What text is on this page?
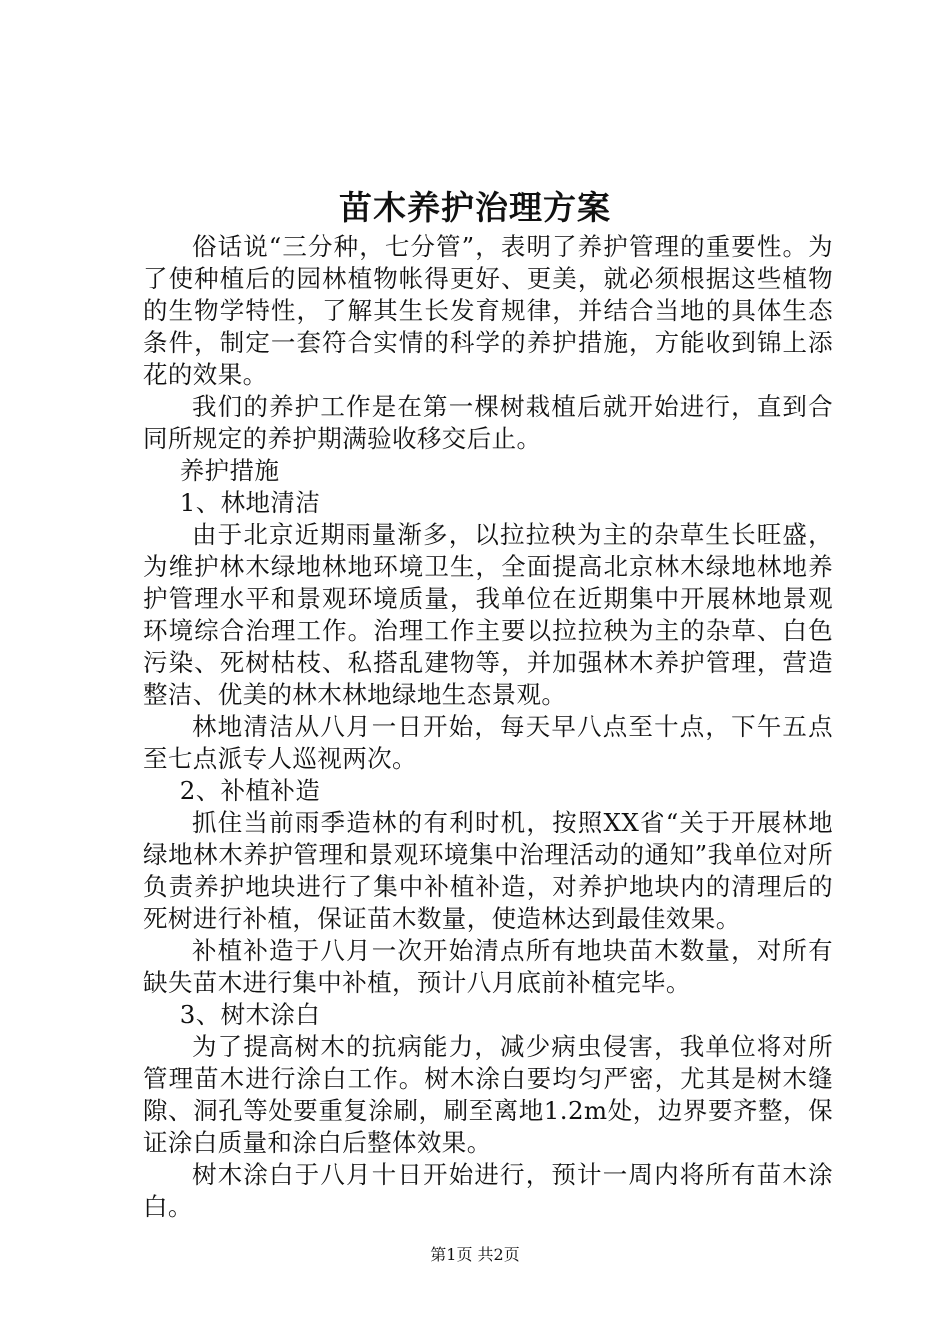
苗木养护治理方案

俗话说“三分种，七分管”，表明了养护管理的重要性。为了使种植后的园林植物帐得更好、更美，就必须根据这些植物的生物学特性，了解其生长发育规律，并结合当地的具体生态条件，制定一套符合实情的科学的养护措施，方能收到锦上添花的效果。

我们的养护工作是在第一棵树栽植后就开始进行，直到合同所规定的养护期满验收移交后止。

养护措施

1、林地清洁

由于北京近期雨量渐多，以拉拉秧为主的杂草生长旺盛，为维护林木绿地林地环境卫生，全面提高北京林木绿地林地养护管理水平和景观环境质量，我单位在近期集中开展林地景观环境综合治理工作。治理工作主要以拉拉秧为主的杂草、白色污染、死树枯枝、私搭乱建物等，并加强林木养护管理，营造整洁、优美的林木林地绿地生态景观。

林地清洁从八月一日开始，每天早八点至十点，下午五点至七点派专人巡视两次。

2、补植补造

抓住当前雨季造林的有利时机，按照XX省“关于开展林地绿地林木养护管理和景观环境集中治理活动的通知”我单位对所负责养护地块进行了集中补植补造，对养护地块内的清理后的死树进行补植，保证苗木数量，使造林达到最佳效果。

补植补造于八月一次开始清点所有地块苗木数量，对所有缺失苗木进行集中补植，预计八月底前补植完毕。

3、树木涂白

为了提高树木的抗病能力，减少病虫侵害，我单位将对所管理苗木进行涂白工作。树木涂白要均匀严密，尤其是树木缝隙、洞孔等处要重复涂刷，刷至离地1.2m处，边界要齐整，保证涂白质量和涂白后整体效果。

树木涂白于八月十日开始进行，预计一周内将所有苗木涂白。

第1页 共2页
